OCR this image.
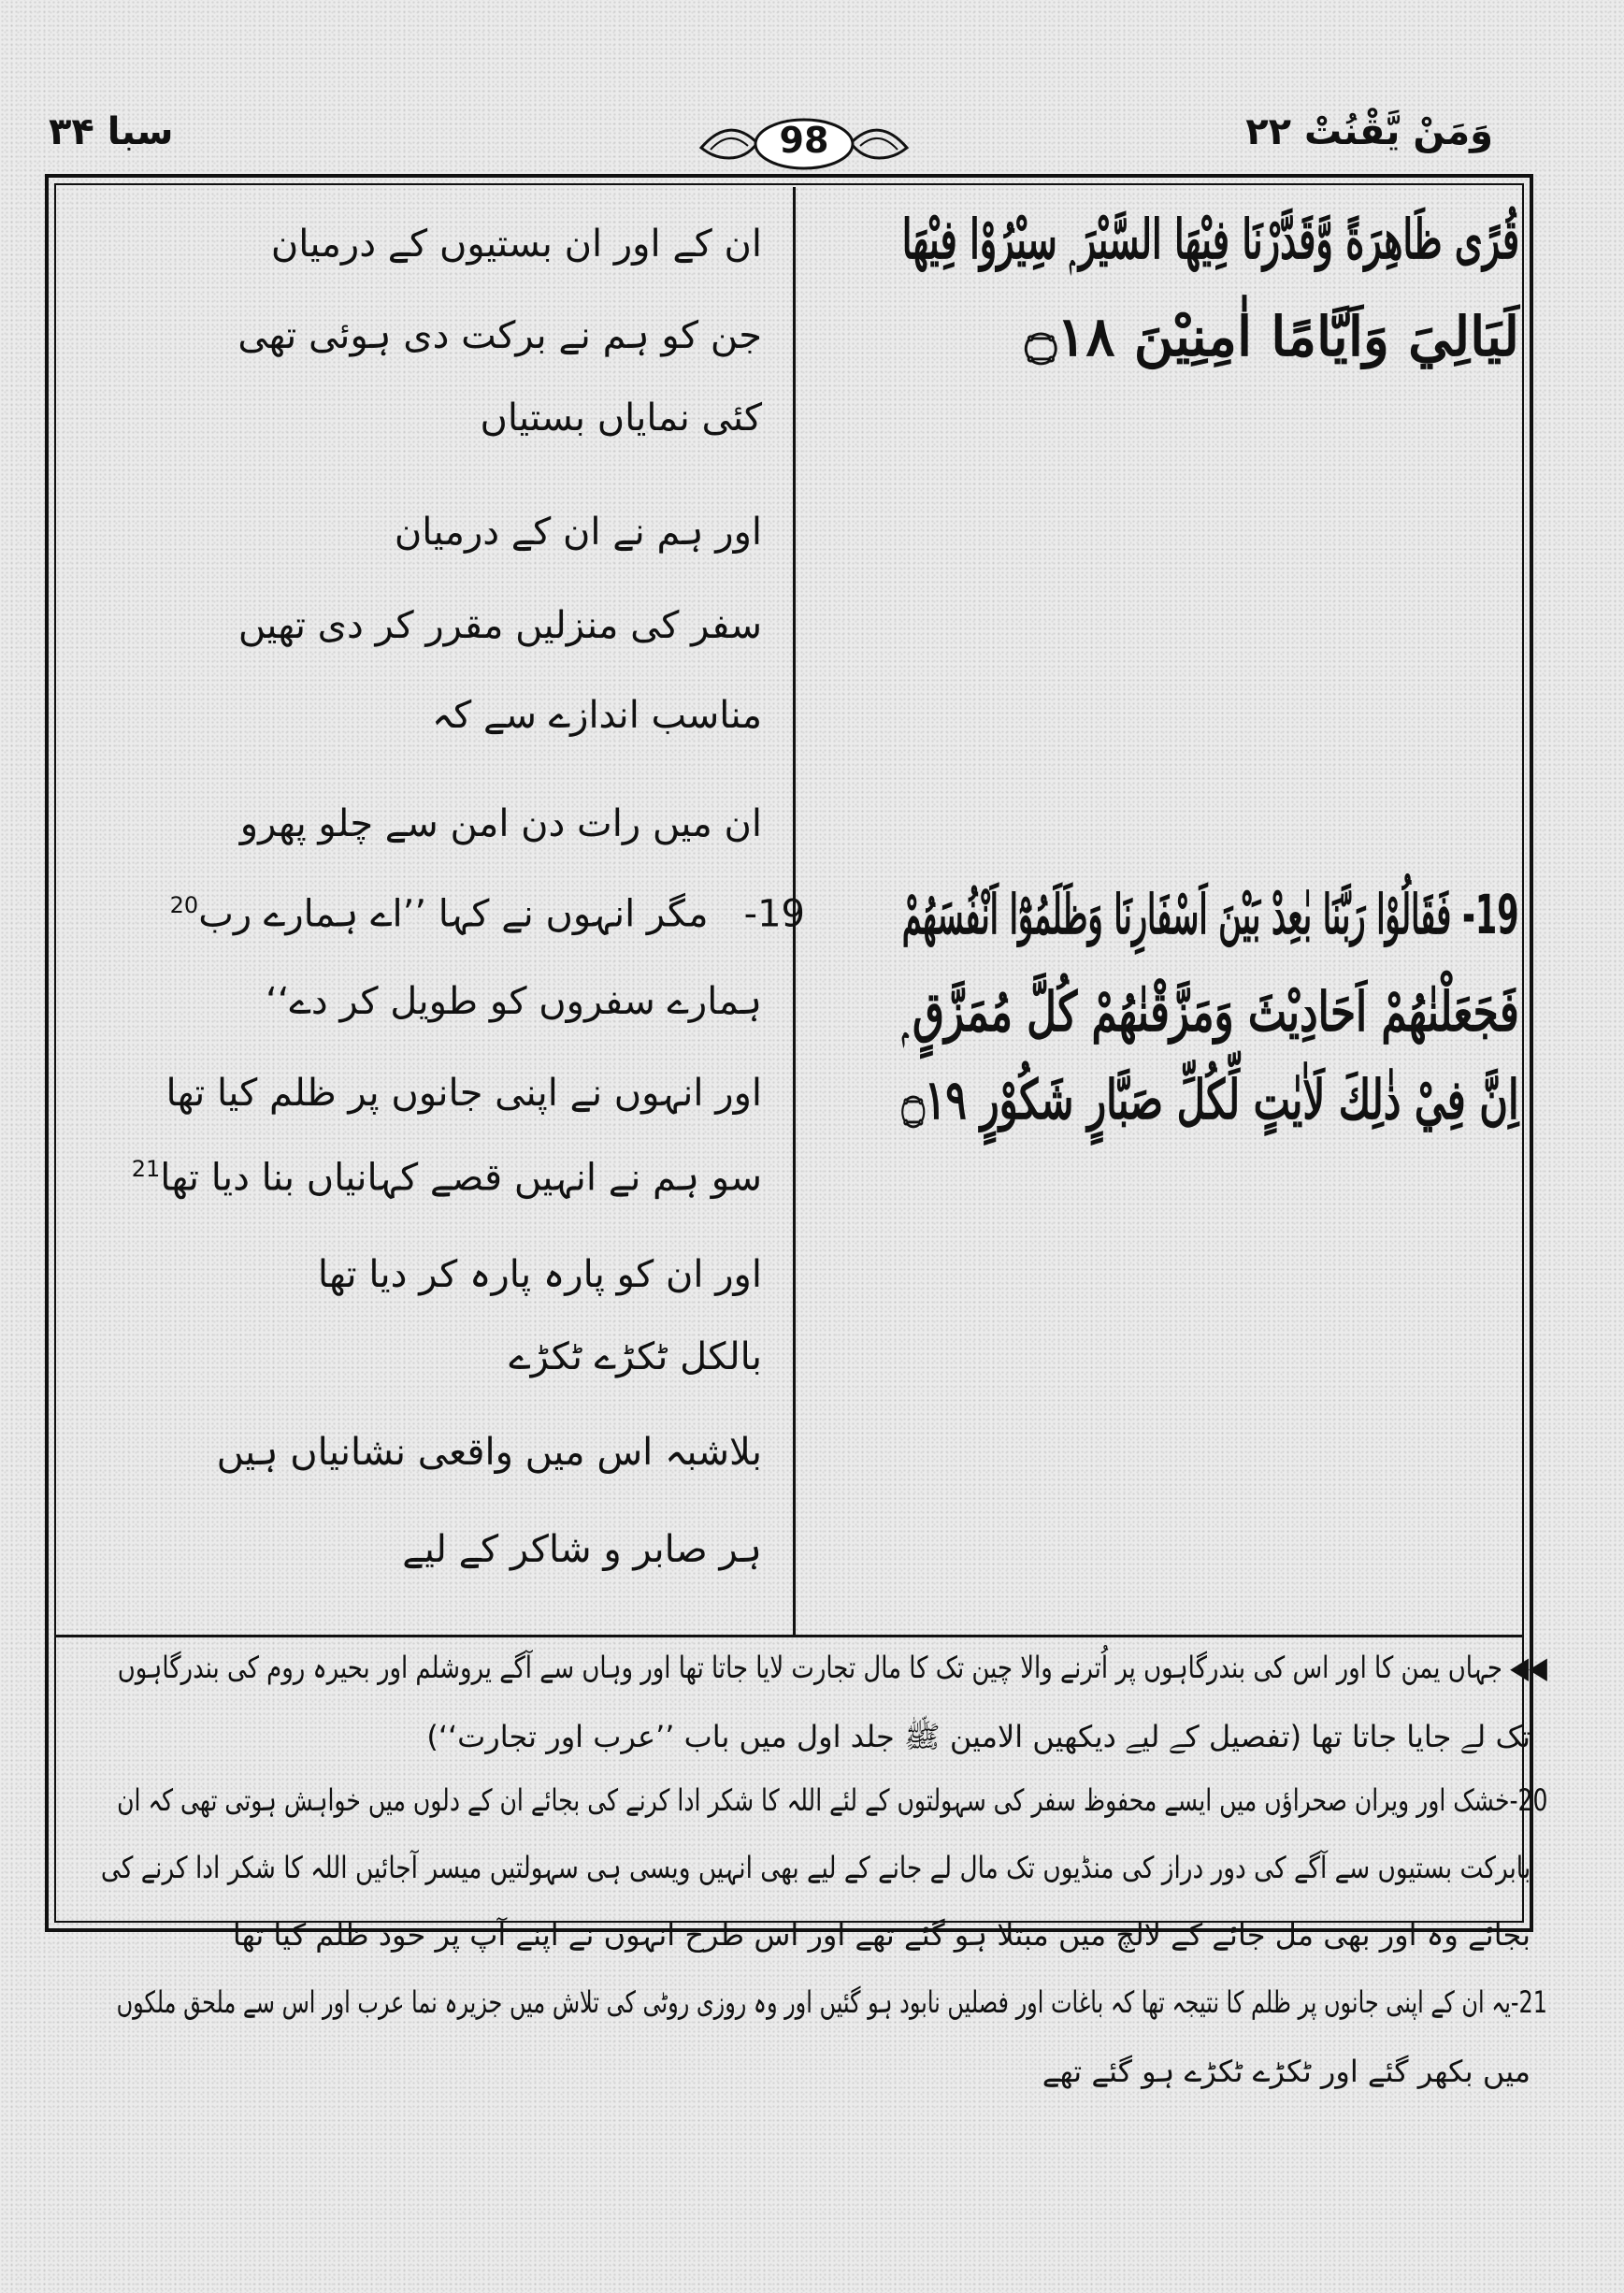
وَمَنْ يَّقْنُتْ ۲۲
سبا ۳۴	98
قُرًى ظَاهِرَةً وَّقَدَّرْنَا فِيْهَا السَّيْرَ ۭ سِيْرُوْا فِيْهَا
لَيَالِيَ وَاَيَّامًا اٰمِنِيْنَ ۝۱۸
19- فَقَالُوْا رَبَّنَا بٰعِدْ بَيْنَ اَسْفَارِنَا وَظَلَمُوْٓا اَنْفُسَهُمْ
فَجَعَلْنٰهُمْ اَحَادِيْثَ وَمَزَّقْنٰهُمْ كُلَّ مُمَزَّقٍ ۭ
اِنَّ فِيْ ذٰلِكَ لَاٰيٰتٍ لِّكُلِّ صَبَّارٍ شَكُوْرٍ ۝۱۹
ان کے اور ان بستیوں کے درمیان
جن کو ہم نے برکت دی ہوئی تھی
کئی نمایاں بستیاں
اور ہم نے ان کے درمیان
سفر کی منزلیں مقرر کر دی تھیں
مناسب اندازے سے کہ
ان میں رات دن امن سے چلو پھرو
19-   مگر انہوں نے کہا ’’اے ہمارے رب$^{20}$
ہمارے سفروں کو طویل کر دے‘‘
اور انہوں نے اپنی جانوں پر ظلم کیا تھا
سو ہم نے انہیں قصے کہانیاں بنا دیا تھا$^{21}$
اور ان کو پارہ پارہ کر دیا تھا
بالکل ٹکڑے ٹکڑے
بلاشبہ اس میں واقعی نشانیاں ہیں
ہر صابر و شاکر کے لیے
◀◀ جہاں یمن کا اور اس کی بندرگاہوں پر اُترنے والا چین تک کا مال تجارت لایا جاتا تھا اور وہاں سے آگے یروشلم اور بحیرہ روم کی بندرگاہوں
تک لے جایا جاتا تھا (تفصیل کے لیے دیکھیں الامین ﷺ جلد اول میں باب ’’عرب اور تجارت‘‘)
20-خشک اور ویران صحراؤں میں ایسے محفوظ سفر کی سہولتوں کے لئے اللہ کا شکر ادا کرنے کی بجائے ان کے دلوں میں خواہش ہوتی تھی کہ ان
بابرکت بستیوں سے آگے کی دور دراز کی منڈیوں تک مال لے جانے کے لیے بھی انہیں ویسی ہی سہولتیں میسر آجائیں اللہ کا شکر ادا کرنے کی
بجائے وہ اور بھی مل جائے کے لالچ میں مبتلا ہو گئے تھے اور اس طرح انہوں نے اپنے آپ پر خود ظلم کیا تھا
21-یہ ان کے اپنی جانوں پر ظلم کا نتیجہ تھا کہ باغات اور فصلیں نابود ہو گئیں اور وہ روزی روٹی کی تلاش میں جزیرہ نما عرب اور اس سے ملحق ملکوں
میں بکھر گئے اور ٹکڑے ٹکڑے ہو گئے تھے
